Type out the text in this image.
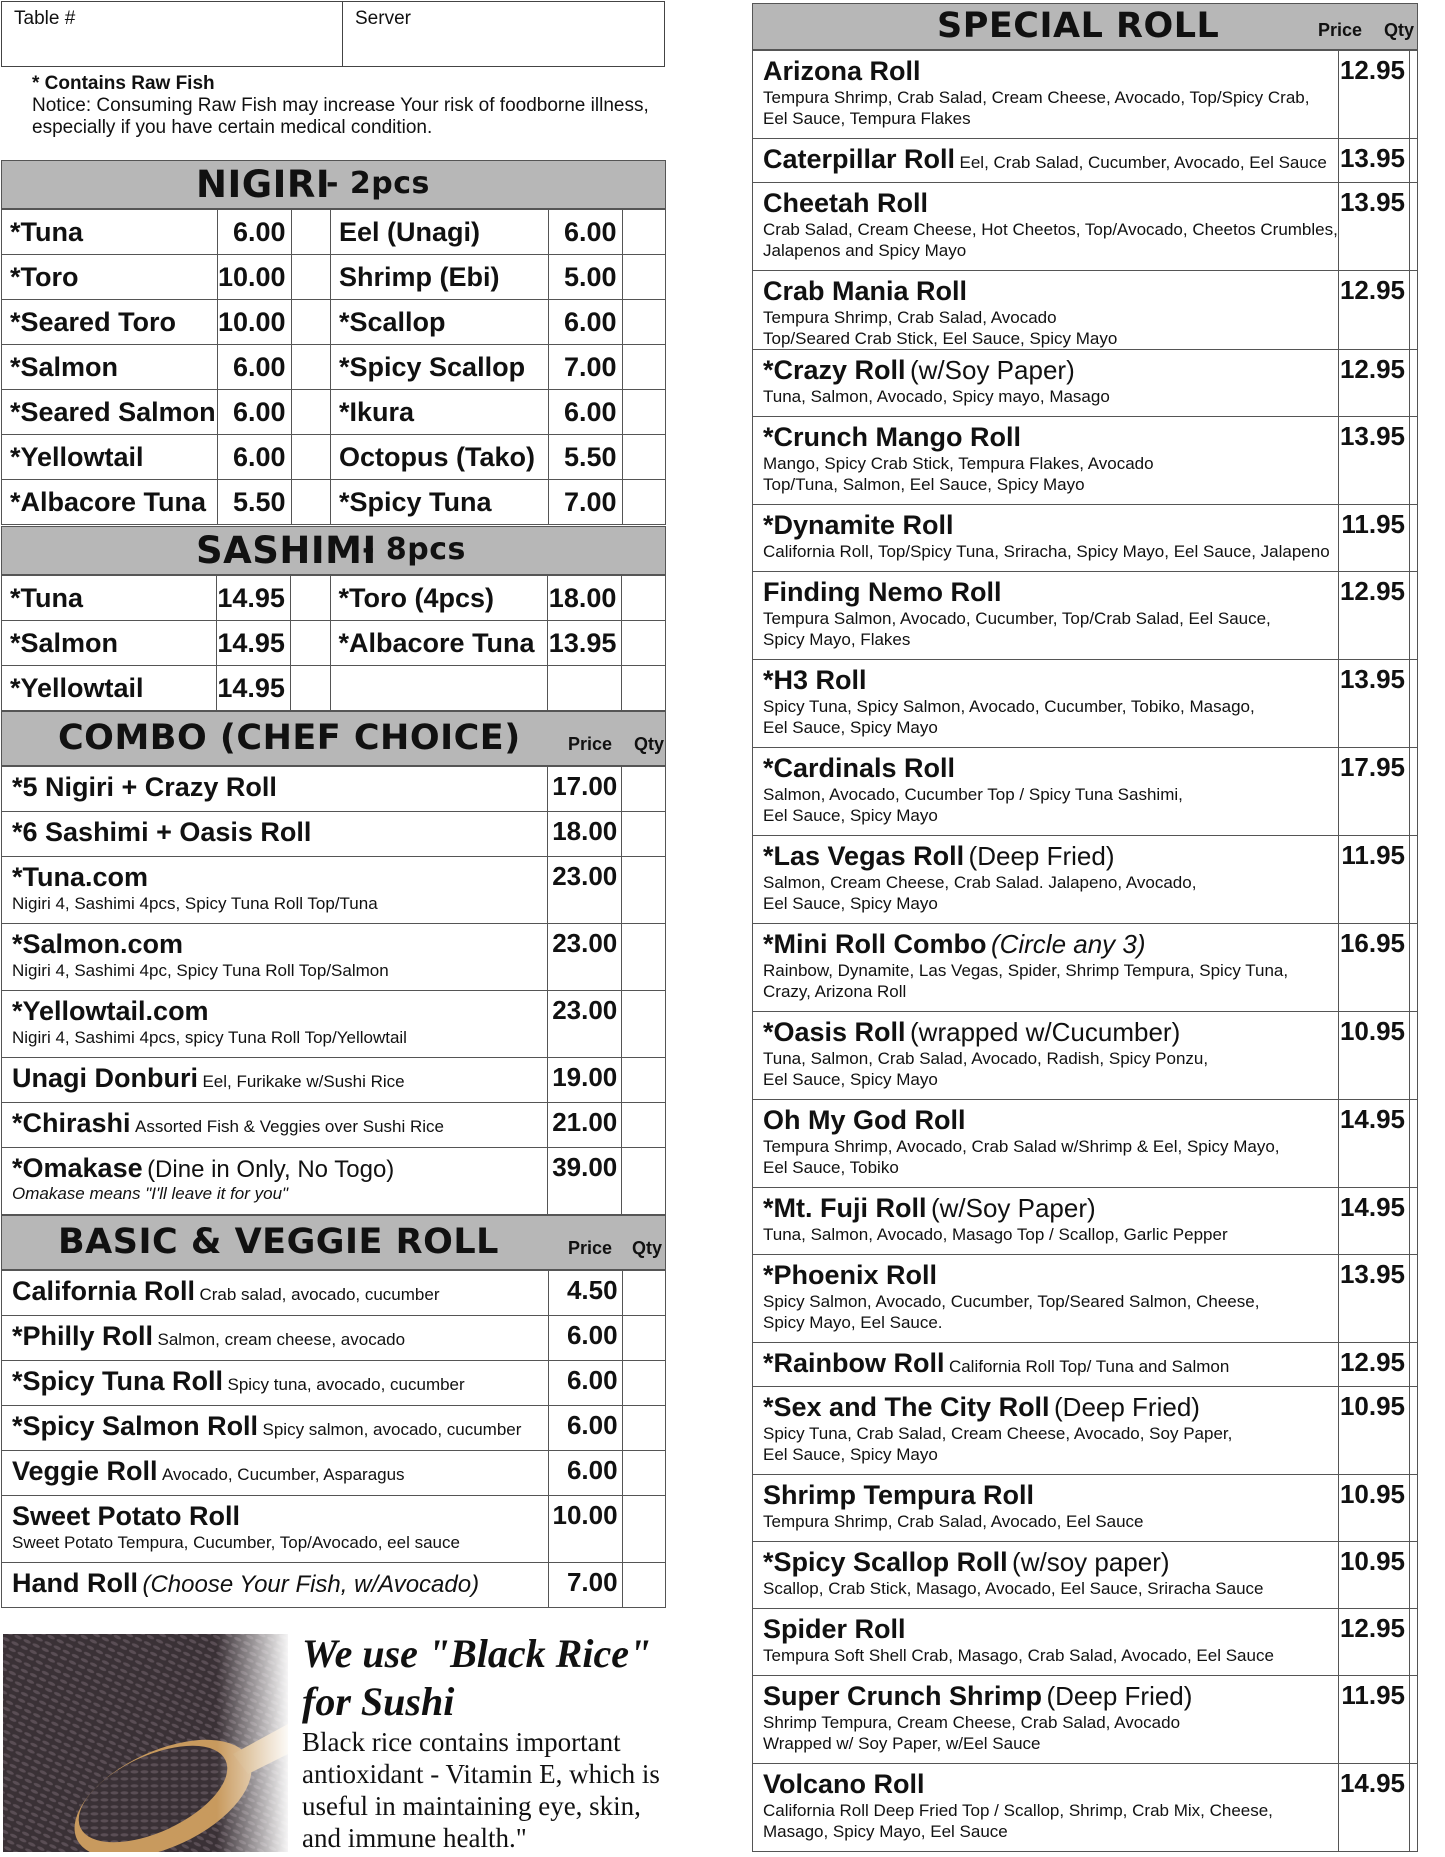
Table #	Server
* Contains Raw Fish
Notice: Consuming Raw Fish may increase Your risk of foodborne illness,
especially if you have certain medical condition.
NIGIRI
- 2pcs
*Tuna	6.00		Eel (Unagi)	6.00	
*Toro	10.00		Shrimp (Ebi)	5.00	
*Seared Toro	10.00		*Scallop	6.00	
*Salmon	6.00		*Spicy Scallop	7.00	
*Seared Salmon	6.00		*Ikura	6.00	
*Yellowtail	6.00		Octopus (Tako)	5.50	
*Albacore Tuna	5.50		*Spicy Tuna	7.00	
SASHIMI
- 8pcs
*Tuna	14.95		*Toro (4pcs)	18.00	
*Salmon	14.95		*Albacore Tuna	13.95	
*Yellowtail	14.95				
COMBO (CHEF CHOICE)	Price Qty
*5 Nigiri + Crazy Roll	17.00	

*6 Sashimi + Oasis Roll	18.00	

*Tuna.com
Nigiri 4, Sashimi 4pcs, Spicy Tuna Roll Top/Tuna	23.00	

*Salmon.com
Nigiri 4, Sashimi 4pc, Spicy Tuna Roll Top/Salmon	23.00	

*Yellowtail.com
Nigiri 4, Sashimi 4pcs, spicy Tuna Roll Top/Yellowtail	23.00	

Unagi Donburi Eel, Furikake w/Sushi Rice	19.00	

*Chirashi Assorted Fish & Veggies over Sushi Rice	21.00	

*Omakase (Dine in Only, No Togo)
Omakase means "I'll leave it for you"	39.00	
BASIC & VEGGIE ROLL	Price Qty
California Roll Crab salad, avocado, cucumber	4.50	

*Philly Roll Salmon, cream cheese, avocado	6.00	

*Spicy Tuna Roll Spicy tuna, avocado, cucumber	6.00	

*Spicy Salmon Roll Spicy salmon, avocado, cucumber	6.00	

Veggie Roll Avocado, Cucumber, Asparagus	6.00	

Sweet Potato Roll
Sweet Potato Tempura, Cucumber, Top/Avocado, eel sauce	10.00	

Hand Roll (Choose Your Fish, w/Avocado)	7.00	
We use "Black Rice"
for Sushi
Black rice contains important
antioxidant - Vitamin E, which is
useful in maintaining eye, skin,
and immune health."
SPECIAL ROLL	Price Qty
Arizona Roll
Tempura Shrimp, Crab Salad, Cream Cheese, Avocado, Top/Spicy Crab,
Eel Sauce, Tempura Flakes	12.95	

Caterpillar Roll Eel, Crab Salad, Cucumber, Avocado, Eel Sauce	13.95	

Cheetah Roll
Crab Salad, Cream Cheese, Hot Cheetos, Top/Avocado, Cheetos Crumbles,
Jalapenos and Spicy Mayo	13.95	

Crab Mania Roll
Tempura Shrimp, Crab Salad, Avocado
Top/Seared Crab Stick, Eel Sauce, Spicy Mayo	12.95	

*Crazy Roll (w/Soy Paper)
Tuna, Salmon, Avocado, Spicy mayo, Masago	12.95	

*Crunch Mango Roll
Mango, Spicy Crab Stick, Tempura Flakes, Avocado
Top/Tuna, Salmon, Eel Sauce, Spicy Mayo	13.95	

*Dynamite Roll
California Roll, Top/Spicy Tuna, Sriracha, Spicy Mayo, Eel Sauce, Jalapeno	11.95	

Finding Nemo Roll
Tempura Salmon, Avocado, Cucumber, Top/Crab Salad, Eel Sauce,
Spicy Mayo, Flakes	12.95	

*H3 Roll
Spicy Tuna, Spicy Salmon, Avocado, Cucumber, Tobiko, Masago,
Eel Sauce, Spicy Mayo	13.95	

*Cardinals Roll
Salmon, Avocado, Cucumber Top / Spicy Tuna Sashimi,
Eel Sauce, Spicy Mayo	17.95	

*Las Vegas Roll (Deep Fried)
Salmon, Cream Cheese, Crab Salad. Jalapeno, Avocado,
Eel Sauce, Spicy Mayo	11.95	

*Mini Roll Combo (Circle any 3)
Rainbow, Dynamite, Las Vegas, Spider, Shrimp Tempura, Spicy Tuna,
Crazy, Arizona Roll	16.95	

*Oasis Roll (wrapped w/Cucumber)
Tuna, Salmon, Crab Salad, Avocado, Radish, Spicy Ponzu,
Eel Sauce, Spicy Mayo	10.95	

Oh My God Roll
Tempura Shrimp, Avocado, Crab Salad w/Shrimp & Eel, Spicy Mayo,
Eel Sauce, Tobiko	14.95	

*Mt. Fuji Roll (w/Soy Paper)
Tuna, Salmon, Avocado, Masago Top / Scallop, Garlic Pepper	14.95	

*Phoenix Roll
Spicy Salmon, Avocado, Cucumber, Top/Seared Salmon, Cheese,
Spicy Mayo, Eel Sauce.	13.95	

*Rainbow Roll California Roll Top/ Tuna and Salmon	12.95	

*Sex and The City Roll (Deep Fried)
Spicy Tuna, Crab Salad, Cream Cheese, Avocado, Soy Paper,
Eel Sauce, Spicy Mayo	10.95	

Shrimp Tempura Roll
Tempura Shrimp, Crab Salad, Avocado, Eel Sauce	10.95	

*Spicy Scallop Roll (w/soy paper)
Scallop, Crab Stick, Masago, Avocado, Eel Sauce, Sriracha Sauce	10.95	

Spider Roll
Tempura Soft Shell Crab, Masago, Crab Salad, Avocado, Eel Sauce	12.95	

Super Crunch Shrimp (Deep Fried)
Shrimp Tempura, Cream Cheese, Crab Salad, Avocado
Wrapped w/ Soy Paper, w/Eel Sauce	11.95	

Volcano Roll
California Roll Deep Fried Top / Scallop, Shrimp, Crab Mix, Cheese,
Masago, Spicy Mayo, Eel Sauce	14.95	
